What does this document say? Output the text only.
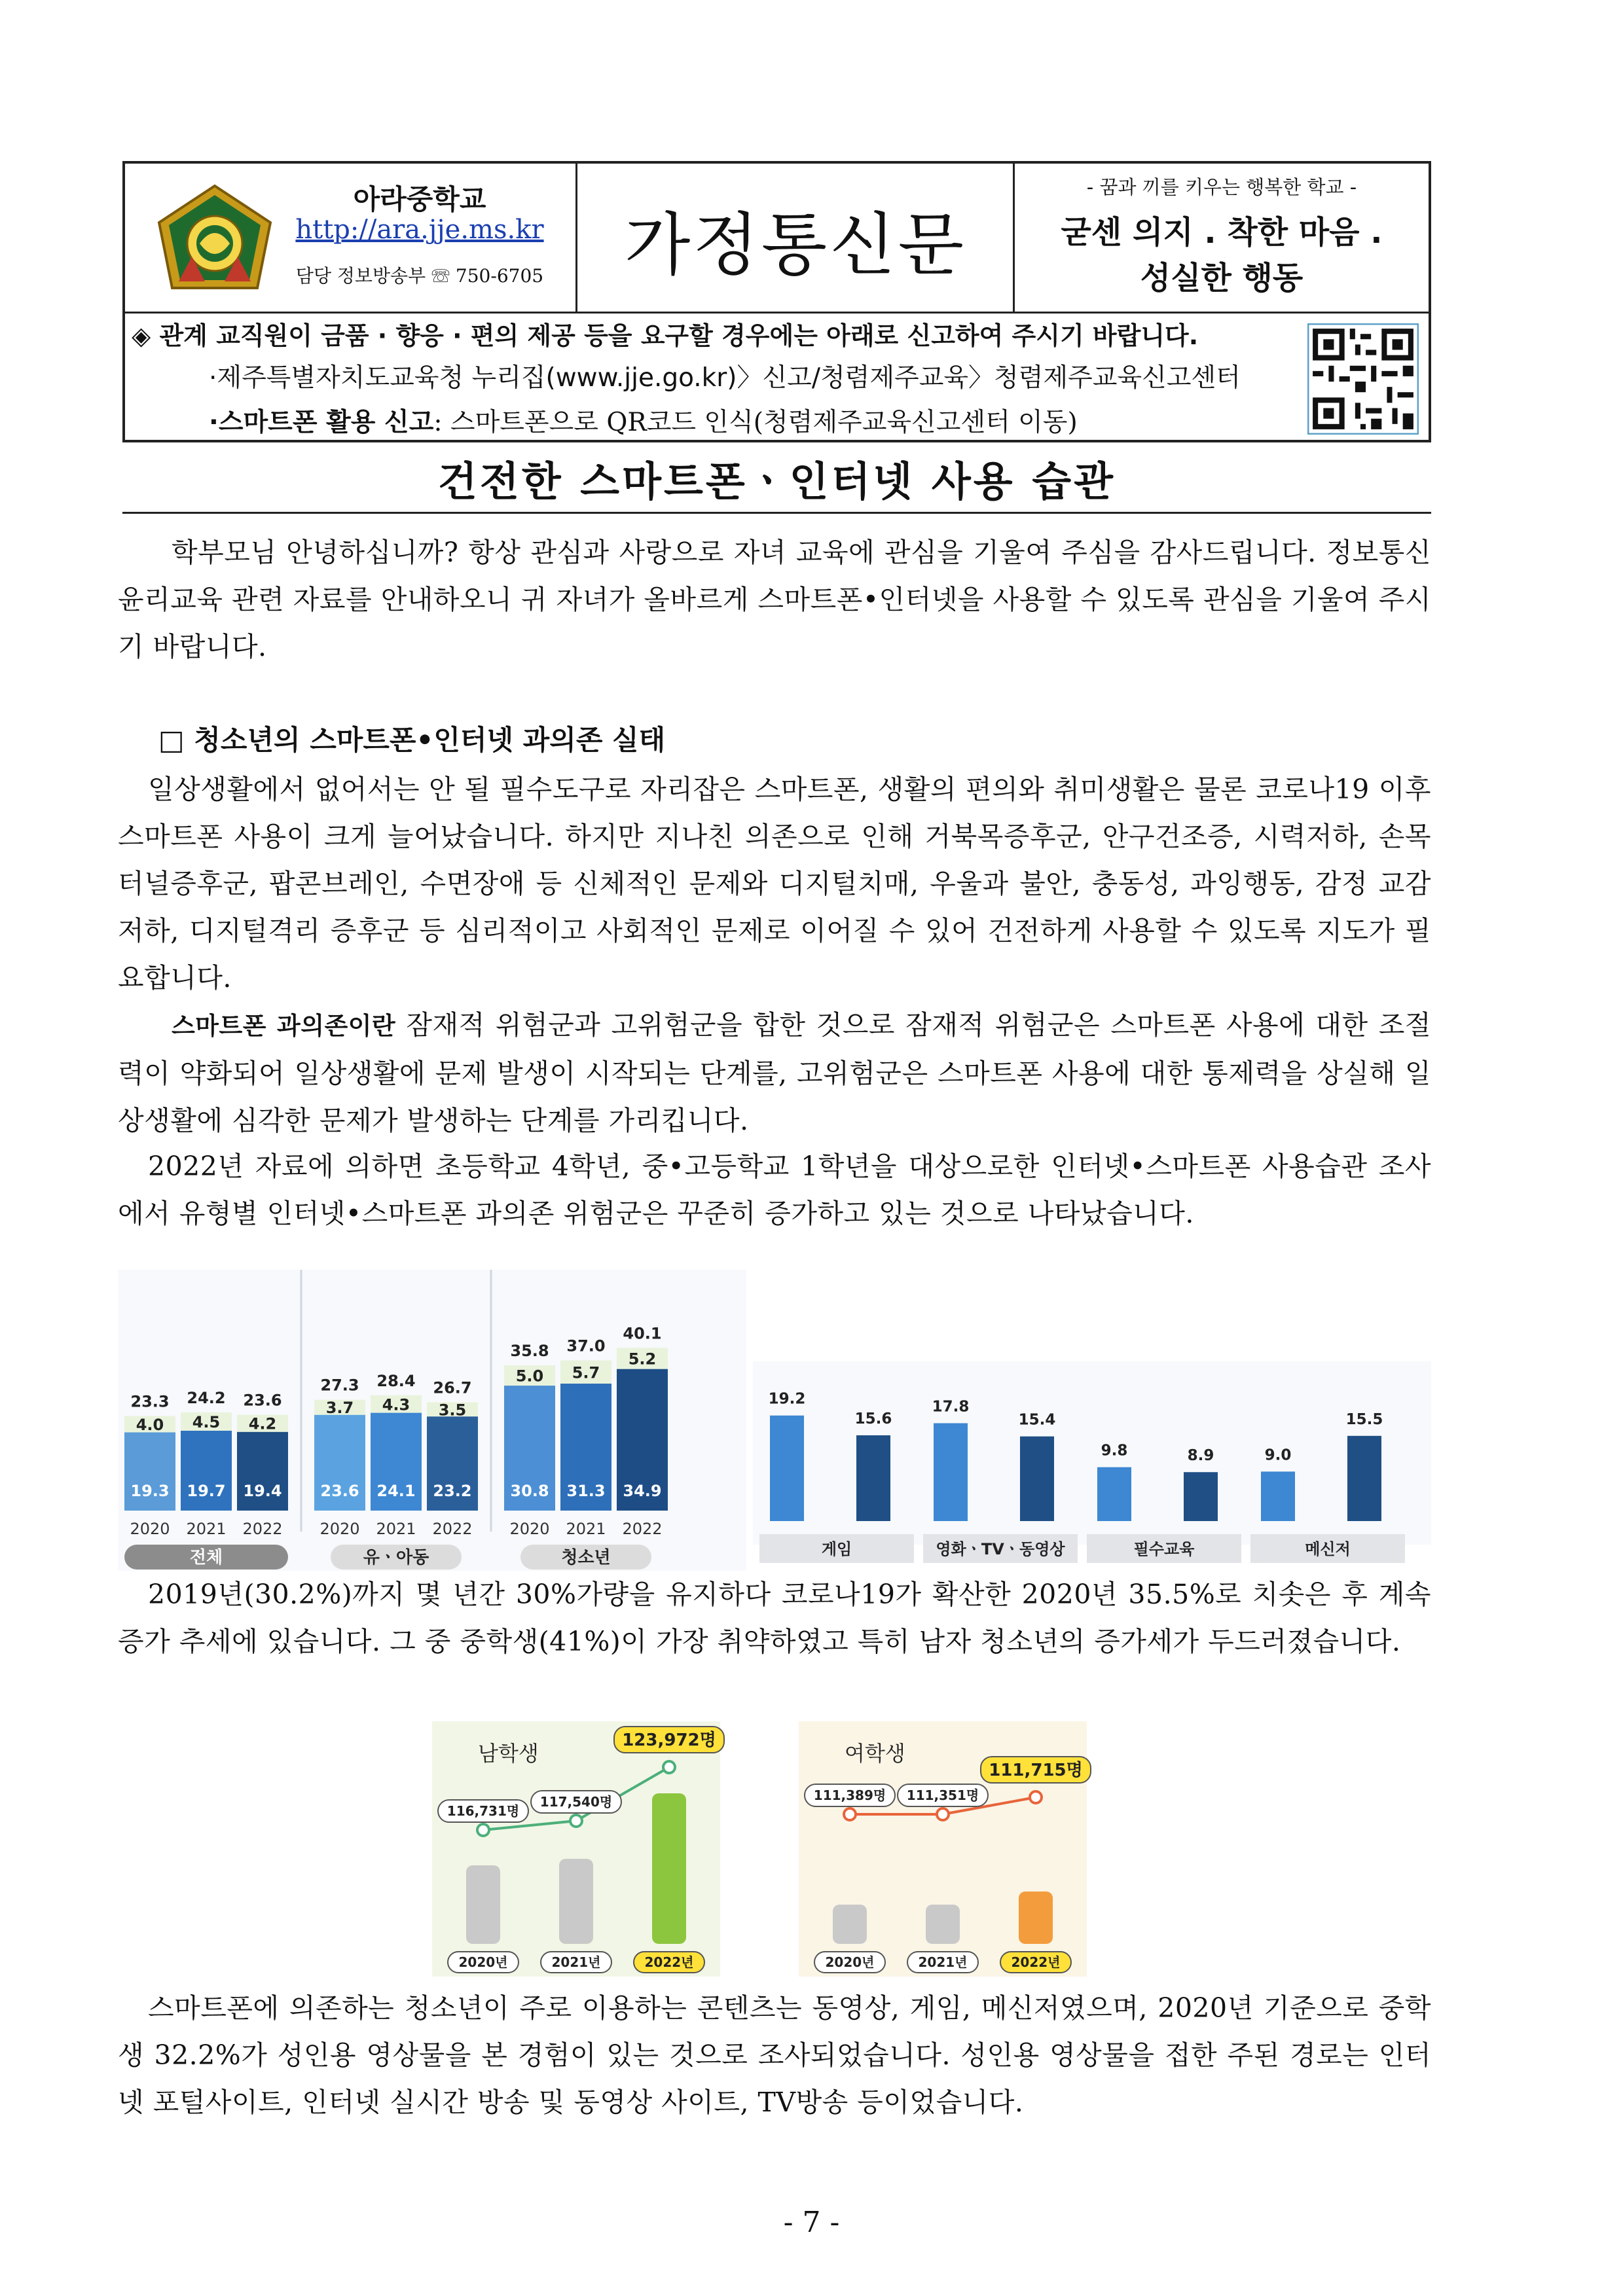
아라중학교
http://ara.jje.ms.kr
담당 정보방송부 ☏ 750-6705	가정통신문
- 꿈과 끼를 키우는 행복한 학교 -
굳센 의지 . 착한 마음 .
성실한 행동
◈ 관계 교직원이 금품 · 향응 · 편의 제공 등을 요구할 경우에는 아래로 신고하여 주시기 바랍니다.
·제주특별자치도교육청 누리집(www.jje.go.kr)〉신고/청렴제주교육〉청렴제주교육신고센터
·스마트폰 활용 신고: 스마트폰으로 QR코드 인식(청렴제주교육신고센터 이동)
건전한 스마트폰ㆍ인터넷 사용 습관
학부모님 안녕하십니까? 항상 관심과 사랑으로 자녀 교육에 관심을 기울여 주심을 감사드립니다. 정보통신 윤리교육 관련 자료를 안내하오니 귀 자녀가 올바르게 스마트폰•인터넷을 사용할 수 있도록 관심을 기울여 주시기 바랍니다.
□ 청소년의 스마트폰•인터넷 과의존 실태
일상생활에서 없어서는 안 될 필수도구로 자리잡은 스마트폰, 생활의 편의와 취미생활은 물론 코로나19 이후 스마트폰 사용이 크게 늘어났습니다. 하지만 지나친 의존으로 인해 거북목증후군, 안구건조증, 시력저하, 손목터널증후군, 팝콘브레인, 수면장애 등 신체적인 문제와 디지털치매, 우울과 불안, 충동성, 과잉행동, 감정 교감 저하, 디지털격리 증후군 등 심리적이고 사회적인 문제로 이어질 수 있어 건전하게 사용할 수 있도록 지도가 필요합니다.
스마트폰 과의존이란 잠재적 위험군과 고위험군을 합한 것으로 잠재적 위험군은 스마트폰 사용에 대한 조절력이 약화되어 일상생활에 문제 발생이 시작되는 단계를, 고위험군은 스마트폰 사용에 대한 통제력을 상실해 일상생활에 심각한 문제가 발생하는 단계를 가리킵니다.
2022년 자료에 의하면 초등학교 4학년, 중•고등학교 1학년을 대상으로한 인터넷•스마트폰 사용습관 조사에서 유형별 인터넷•스마트폰 과의존 위험군은 꾸준히 증가하고 있는 것으로 나타났습니다.
19.3
4.0
23.3
2020
19.7
4.5
24.2
2021
19.4
4.2
23.6
2022
전체
23.6
3.7
27.3
2020
24.1
4.3
28.4
2021
23.2
3.5
26.7
2022
유ㆍ아동
30.8
5.0
35.8
2020
31.3
5.7
37.0
2021
34.9
5.2
40.1
2022
청소년
19.2
15.6
17.8
15.4
9.8	8.9	9.0
15.5
게임	영화ㆍTVㆍ동영상	필수교육	메신저
2019년(30.2%)까지 몇 년간 30%가량을 유지하다 코로나19가 확산한 2020년 35.5%로 치솟은 후 계속 증가 추세에 있습니다. 그 중 중학생(41%)이 가장 취약하였고 특히 남자 청소년의 증가세가 두드러졌습니다.
남학생
116,731명
2020년
117,540명
2021년
123,972명
2022년
여학생
111,389명
2020년
111,351명
2021년
111,715명
2022년
스마트폰에 의존하는 청소년이 주로 이용하는 콘텐츠는 동영상, 게임, 메신저였으며, 2020년 기준으로 중학생 32.2%가 성인용 영상물을 본 경험이 있는 것으로 조사되었습니다. 성인용 영상물을 접한 주된 경로는 인터넷 포털사이트, 인터넷 실시간 방송 및 동영상 사이트, TV방송 등이었습니다.
- 7 -
